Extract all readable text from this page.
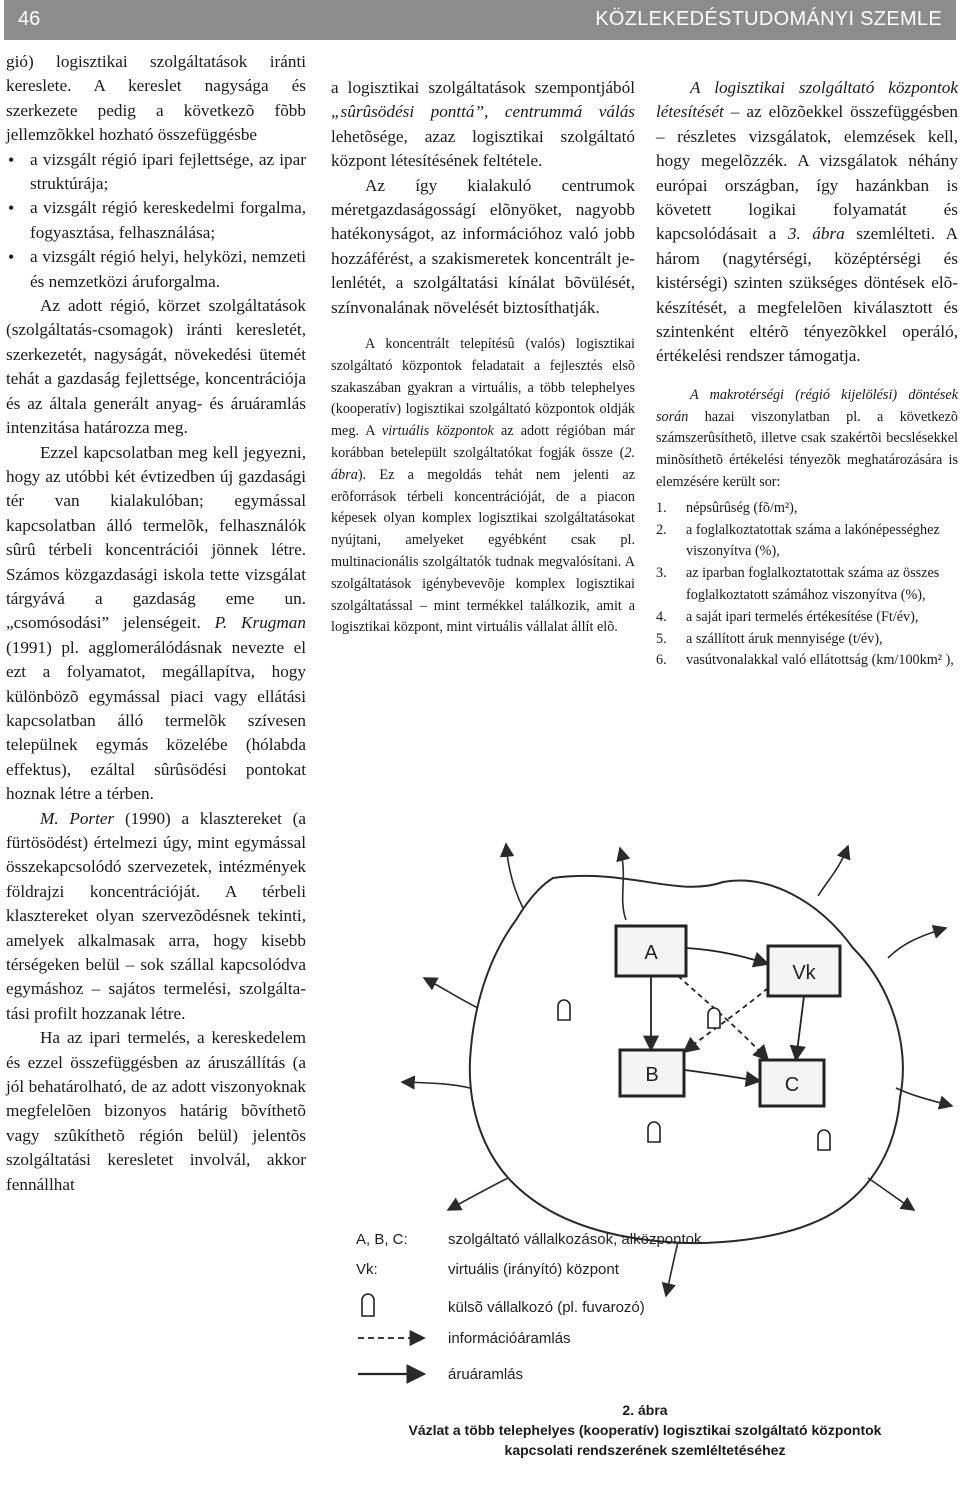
46	KÖZLEKEDÉSTUDOMÁNYI SZEMLE

gió) logisztikai szolgáltatások iránti kereslete. A kereslet nagysága és szerkezete pedig a következõ fõbb jellemzõkkel hozható összefüggésbe

• a vizsgált régió ipari fejlettsége, az ipar struktúrája;
• a vizsgált régió kereskedelmi forgalma, fogyasztása, felhasználása;
• a vizsgált régió helyi, helyközi, nemzeti és nemzetközi áruforgalma.

Az adott régió, körzet szolgáltatások (szolgáltatás-csomagok) iránti keresletét, szerkezetét, nagyságát, növekedési ütemét tehát a gazdaság fejlettsége, koncentrációja és az általa generált anyag- és áruáramlás intenzitása határozza meg.

Ezzel kapcsolatban meg kell jegyezni, hogy az utóbbi két évtizedben új gazdasági tér van kialakulóban; egymással kapcsolatban álló termelõk, felhasználók sûrû térbeli koncentrációi jönnek létre. Számos közgazdasági iskola tette vizsgálat tárgyává a gazdaság eme un. „csomósodási” jelenségeit. P. Krugman (1991) pl. agglomerálódásnak nevezte el ezt a folyamatot, megállapítva, hogy különbözõ egymással piaci vagy ellátási kapcsolatban álló termelõk szívesen települnek egymás közelébe (hólabda effektus), ezáltal sûrûsödési pontokat hoznak létre a térben.

M. Porter (1990) a klasztereket (a fürtösödést) értelmezi úgy, mint egymással összekapcsolódó szervezetek, intézmények földrajzi koncentrációját. A térbeli klasztereket olyan szervezõdésnek tekinti, amelyek alkalmasak arra, hogy kisebb térségeken belül – sok szállal kapcsolódva egymáshoz – sajátos termelési, szolgáltatási profilt hozzanak létre.

Ha az ipari termelés, a kereskedelem és ezzel összefüggésben az áruszállítás (a jól behatárolható, de az adott viszonyoknak megfelelõen bizonyos határig bõvíthetõ vagy szûkíthetõ régión belül) jelentõs szolgáltatási keresletet involvál, akkor fennállhat

a logisztikai szolgáltatások szempontjából „sûrûsödési ponttá”, centrummá válás lehetõsége, azaz logisztikai szolgáltató központ létesítésének feltétele.

Az így kialakuló centrumok méretgazdaságosságí elõnyöket, nagyobb hatékonyságot, az információhoz való jobb hozzáférést, a szakismeretek koncentrált jelenlétét, a szolgáltatási kínálat bõvülését, színvonalának növelését biztosíthatják.

A koncentrált telepítésû (valós) logisztikai szolgáltató központok feladatait a fejlesztés elsõ szakaszában gyakran a virtuális, a több telephelyes (kooperatív) logisztikai szolgáltató központok oldják meg. A virtuális központok az adott régióban már korábban betelepült szolgáltatókat fogják össze (2. ábra). Ez a megoldás tehát nem jelenti az erõforrások térbeli koncentrációját, de a piacon képesek olyan komplex logisztikai szolgáltatásokat nyújtani, amelyeket egyébként csak pl. multinacionális szolgáltatók tudnak megvalósítani. A szolgáltatások igénybevevõje komplex logisztikai szolgáltatással – mint termékkel találkozik, amit a logisztikai központ, mint virtuális vállalat állít elõ.

A logisztikai szolgáltató központok létesítését – az elõzõekkel összefüggésben – részletes vizsgálatok, elemzések kell, hogy megelõzzék. A vizsgálatok néhány európai országban, így hazánkban is követett logikai folyamatát és kapcsolódásait a 3. ábra szemlélteti. A három (nagytérségi, középtérségi és kistérségi) szinten szükséges döntések elõkészítését, a megfelelõen kiválasztott és szintenként eltérõ tényezõkkel operáló, értékelési rendszer támogatja.

A makrotérségi (régió kijelölési) döntések során hazai viszonylatban pl. a következõ számszerûsíthetõ, illetve csak szakértõi becslésekkel minõsíthetõ értékelési tényezõk meghatározására is elemzésére került sor:

1. népsûrûség (fõ/m²),
2. a foglalkoztatottak száma a lakónépességhez viszonyítva (%),
3. az iparban foglalkoztatottak száma az összes foglalkoztatott számához viszonyítva (%),
4. a saját ipari termelés értékesítése (Ft/év),
5. a szállított áruk mennyisége (t/év),
6. vasútvonalakkal való ellátottság (km/100km² ),
A
Vk
B	C
A, B, C:	szolgáltató vállalkozások, alközpontok
Vk:	virtuális (irányító) központ
külsõ vállalkozó (pl. fuvarozó)
információáramlás
áruáramlás
2. ábra
Vázlat a több telephelyes (kooperatív) logisztikai szolgáltató központok
kapcsolati rendszerének szemléltetéséhez
